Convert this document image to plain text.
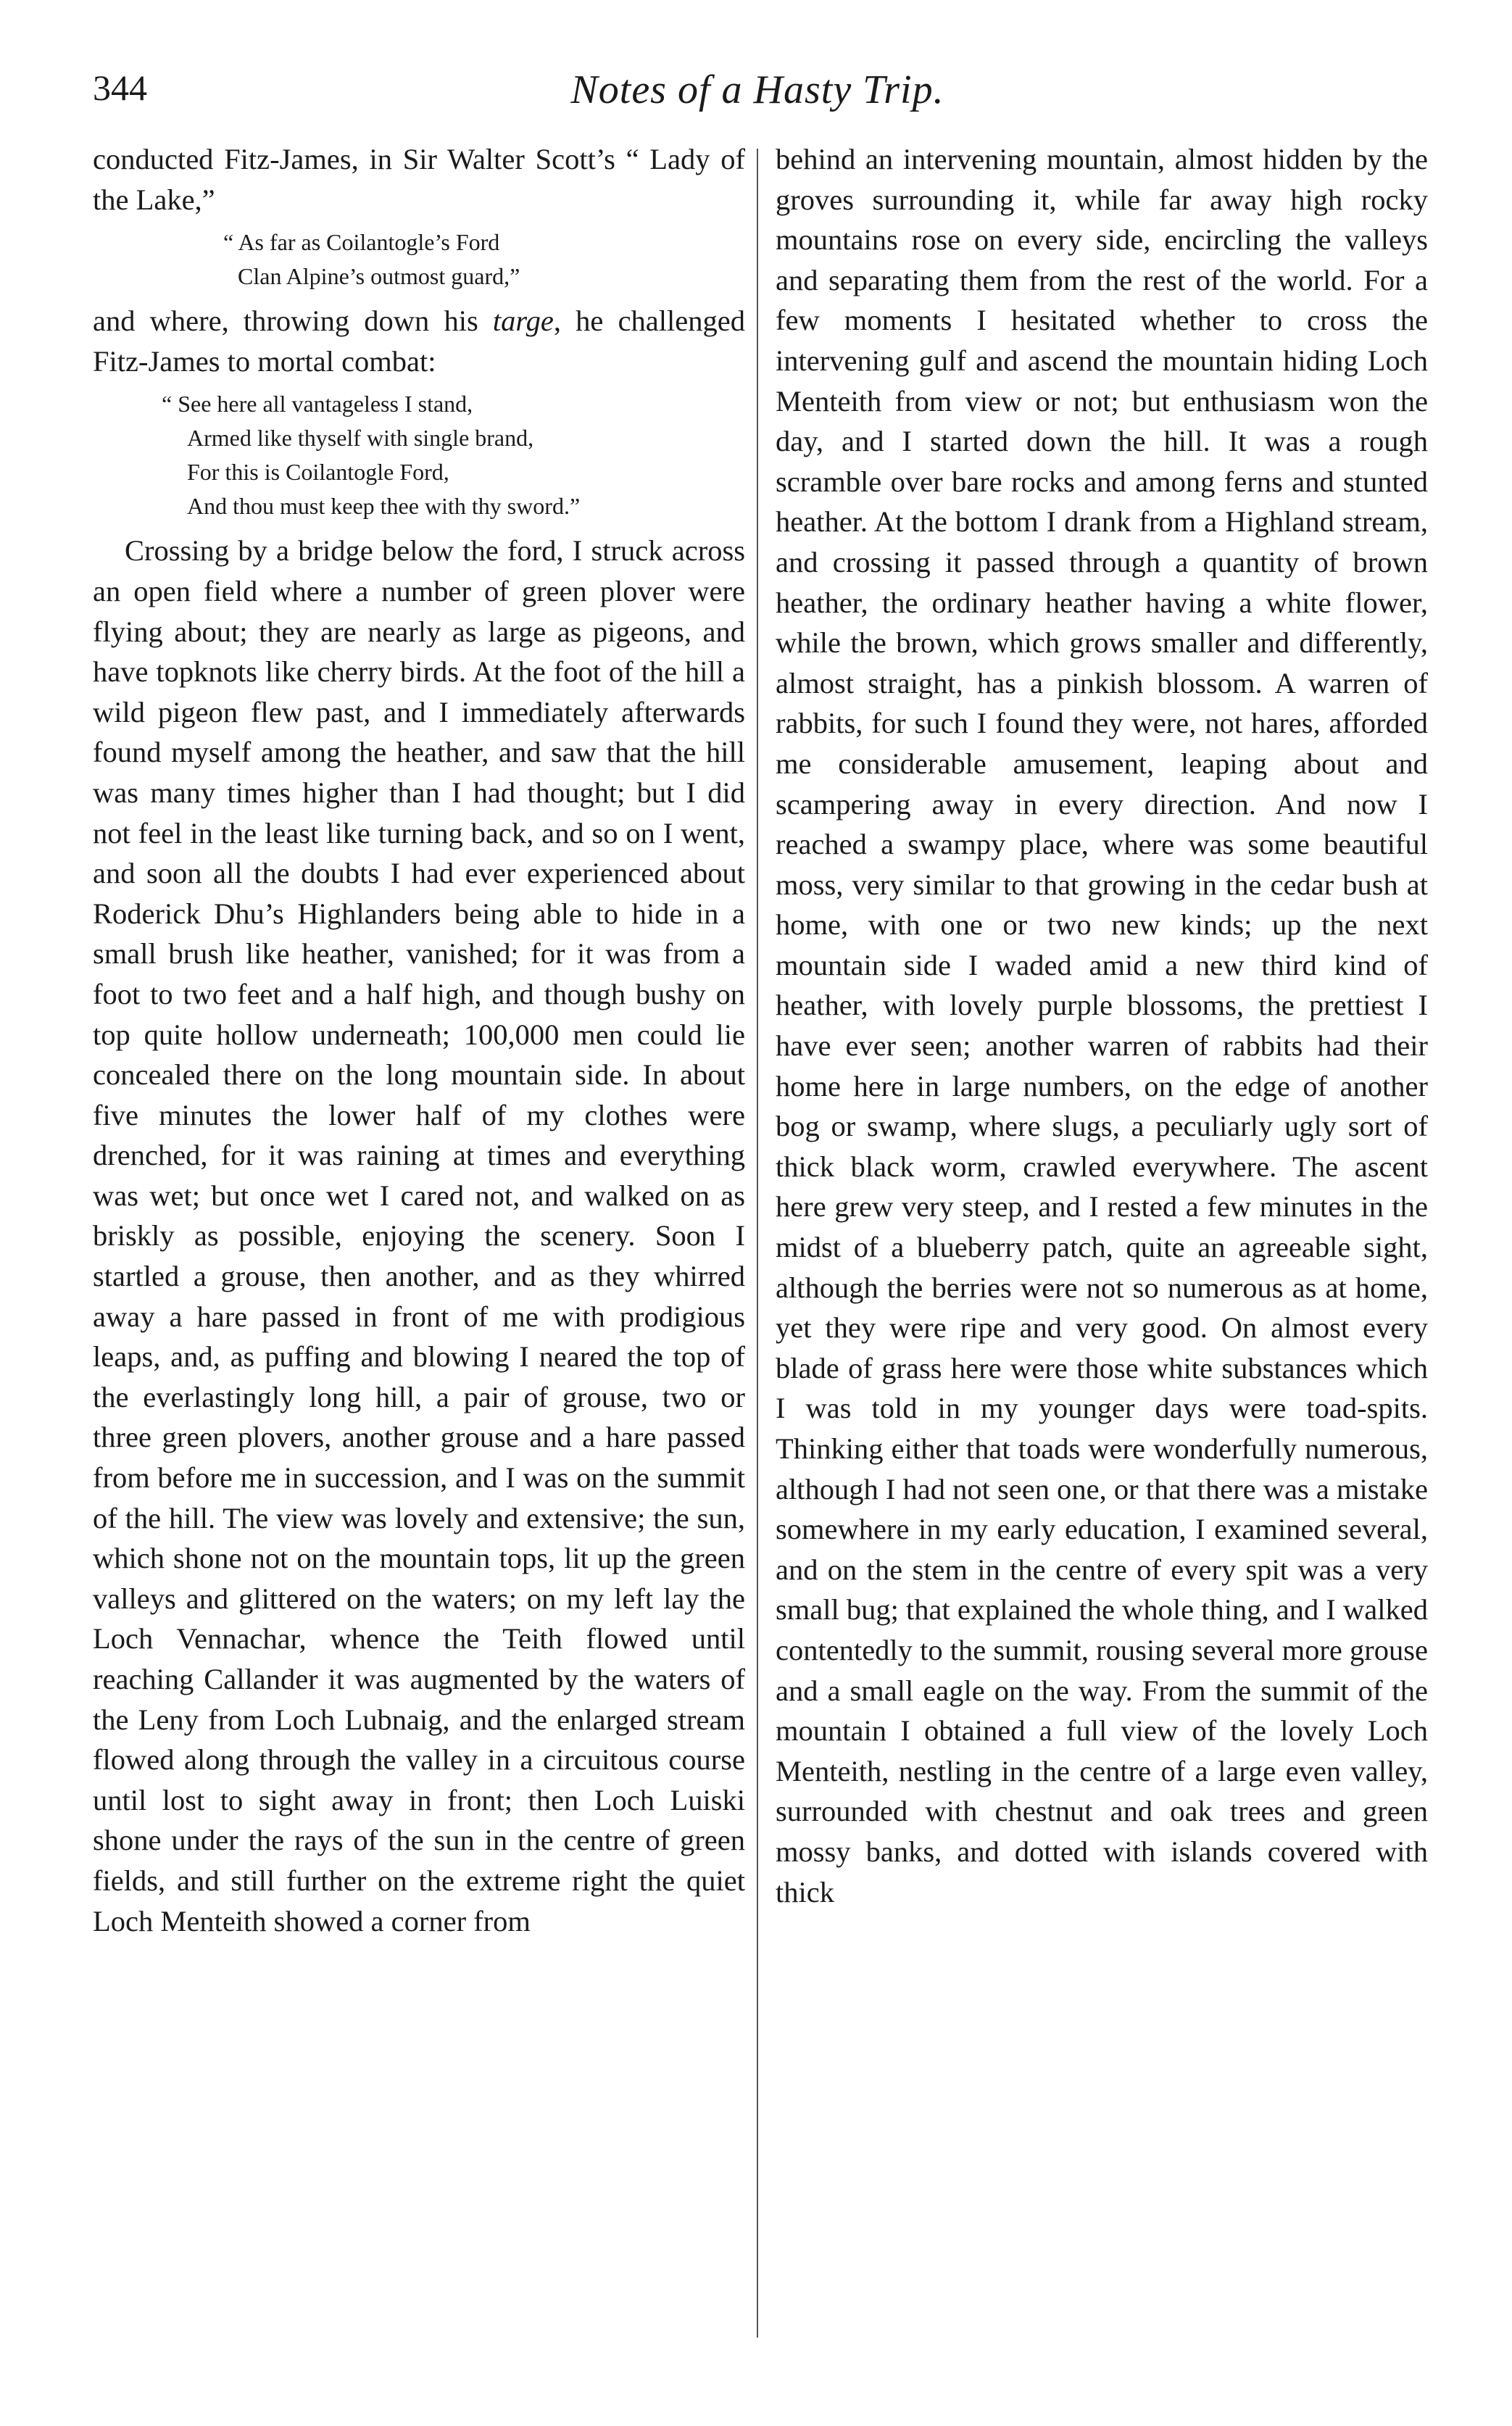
344	Notes of a Hasty Trip.

conducted Fitz-James, in Sir Walter Scott’s “ Lady of the Lake,”

“ As far as Coilantogle’s Ford
Clan Alpine’s outmost guard,”

and where, throwing down his targe, he challenged Fitz-James to mortal combat:

“ See here all vantageless I stand,
Armed like thyself with single brand,
For this is Coilantogle Ford,
And thou must keep thee with thy sword.”

Crossing by a bridge below the ford, I struck across an open field where a number of green plover were flying about; they are nearly as large as pigeons, and have topknots like cherry birds. At the foot of the hill a wild pigeon flew past, and I immediately afterwards found myself among the heather, and saw that the hill was many times higher than I had thought; but I did not feel in the least like turning back, and so on I went, and soon all the doubts I had ever experienced about Roderick Dhu’s Highlanders being able to hide in a small brush like heather, vanished; for it was from a foot to two feet and a half high, and though bushy on top quite hollow underneath; 100,000 men could lie concealed there on the long mountain side. In about five minutes the lower half of my clothes were drenched, for it was raining at times and everything was wet; but once wet I cared not, and walked on as briskly as possible, enjoying the scenery. Soon I startled a grouse, then another, and as they whirred away a hare passed in front of me with prodigious leaps, and, as puffing and blowing I neared the top of the everlastingly long hill, a pair of grouse, two or three green plovers, another grouse and a hare passed from before me in succession, and I was on the summit of the hill. The view was lovely and extensive; the sun, which shone not on the mountain tops, lit up the green valleys and glittered on the waters; on my left lay the Loch Vennachar, whence the Teith flowed until reaching Callander it was augmented by the waters of the Leny from Loch Lubnaig, and the enlarged stream flowed along through the valley in a circuitous course until lost to sight away in front; then Loch Luiski shone under the rays of the sun in the centre of green fields, and still further on the extreme right the quiet Loch Menteith showed a corner from

behind an intervening mountain, almost hidden by the groves surrounding it, while far away high rocky mountains rose on every side, encircling the valleys and separating them from the rest of the world. For a few moments I hesitated whether to cross the intervening gulf and ascend the mountain hiding Loch Menteith from view or not; but enthusiasm won the day, and I started down the hill. It was a rough scramble over bare rocks and among ferns and stunted heather. At the bottom I drank from a Highland stream, and crossing it passed through a quantity of brown heather, the ordinary heather having a white flower, while the brown, which grows smaller and differently, almost straight, has a pinkish blossom. A warren of rabbits, for such I found they were, not hares, afforded me considerable amusement, leaping about and scampering away in every direction. And now I reached a swampy place, where was some beautiful moss, very similar to that growing in the cedar bush at home, with one or two new kinds; up the next mountain side I waded amid a new third kind of heather, with lovely purple blossoms, the prettiest I have ever seen; another warren of rabbits had their home here in large numbers, on the edge of another bog or swamp, where slugs, a peculiarly ugly sort of thick black worm, crawled everywhere. The ascent here grew very steep, and I rested a few minutes in the midst of a blueberry patch, quite an agreeable sight, although the berries were not so numerous as at home, yet they were ripe and very good. On almost every blade of grass here were those white substances which I was told in my younger days were toad-spits. Thinking either that toads were wonderfully numerous, although I had not seen one, or that there was a mistake somewhere in my early education, I examined several, and on the stem in the centre of every spit was a very small bug; that explained the whole thing, and I walked contentedly to the summit, rousing several more grouse and a small eagle on the way. From the summit of the mountain I obtained a full view of the lovely Loch Menteith, nestling in the centre of a large even valley, surrounded with chestnut and oak trees and green mossy banks, and dotted with islands covered with thick
